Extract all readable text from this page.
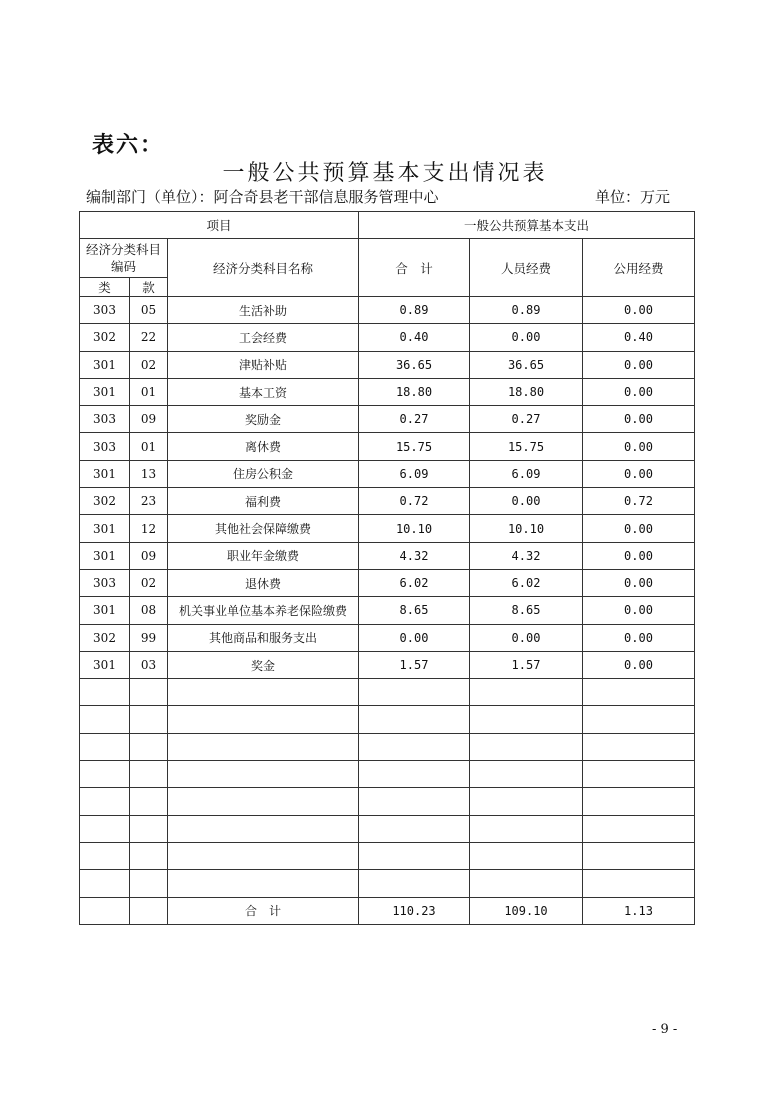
表六：
一般公共预算基本支出情况表
编制部门（单位）：阿合奇县老干部信息服务管理中心	单位：万元
项目			一般公共预算基本支出		
经济分类科目编码		经济分类科目名称	合　计	人员经费	公用经费
类	款				
303	05	生活补助	0.89	0.89	0.00
302	22	工会经费	0.40	0.00	0.40
301	02	津贴补贴	36.65	36.65	0.00
301	01	基本工资	18.80	18.80	0.00
303	09	奖励金	0.27	0.27	0.00
303	01	离休费	15.75	15.75	0.00
301	13	住房公积金	6.09	6.09	0.00
302	23	福利费	0.72	0.00	0.72
301	12	其他社会保障缴费	10.10	10.10	0.00
301	09	职业年金缴费	4.32	4.32	0.00
303	02	退休费	6.02	6.02	0.00
301	08	机关事业单位基本养老保险缴费	8.65	8.65	0.00
302	99	其他商品和服务支出	0.00	0.00	0.00
301	03	奖金	1.57	1.57	0.00

		合　计	110.23	109.10	1.13
- 9 -
